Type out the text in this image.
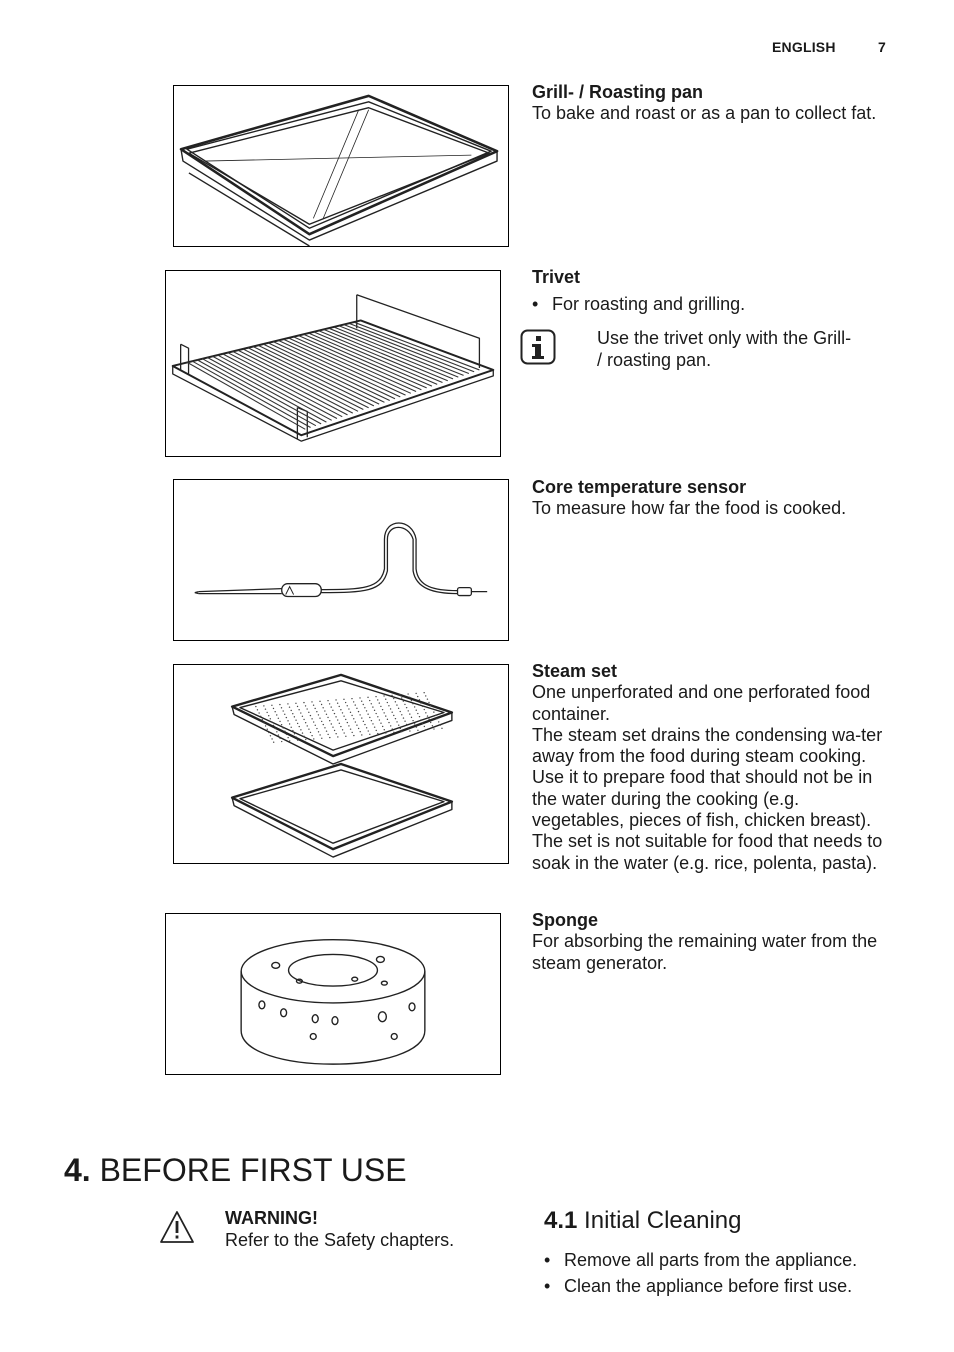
ENGLISH	7
Grill- / Roasting pan
To bake and roast or as a pan to collect fat.
Trivet
• For roasting and grilling.
Use the trivet only with the Grill- / roasting pan.
Core temperature sensor
To measure how far the food is cooked.
Steam set
One unperforated and one perforated food container.
The steam set drains the condensing wa-ter away from the food during steam cooking. Use it to prepare food that should not be in the water during the cooking (e.g. vegetables, pieces of fish, chicken breast). The set is not suitable for food that needs to soak in the water (e.g. rice, polenta, pasta).
Sponge
For absorbing the remaining water from the steam generator.
4. BEFORE FIRST USE
WARNING!
Refer to the Safety chapters.
4.1 Initial Cleaning
• Remove all parts from the appliance.
• Clean the appliance before first use.
